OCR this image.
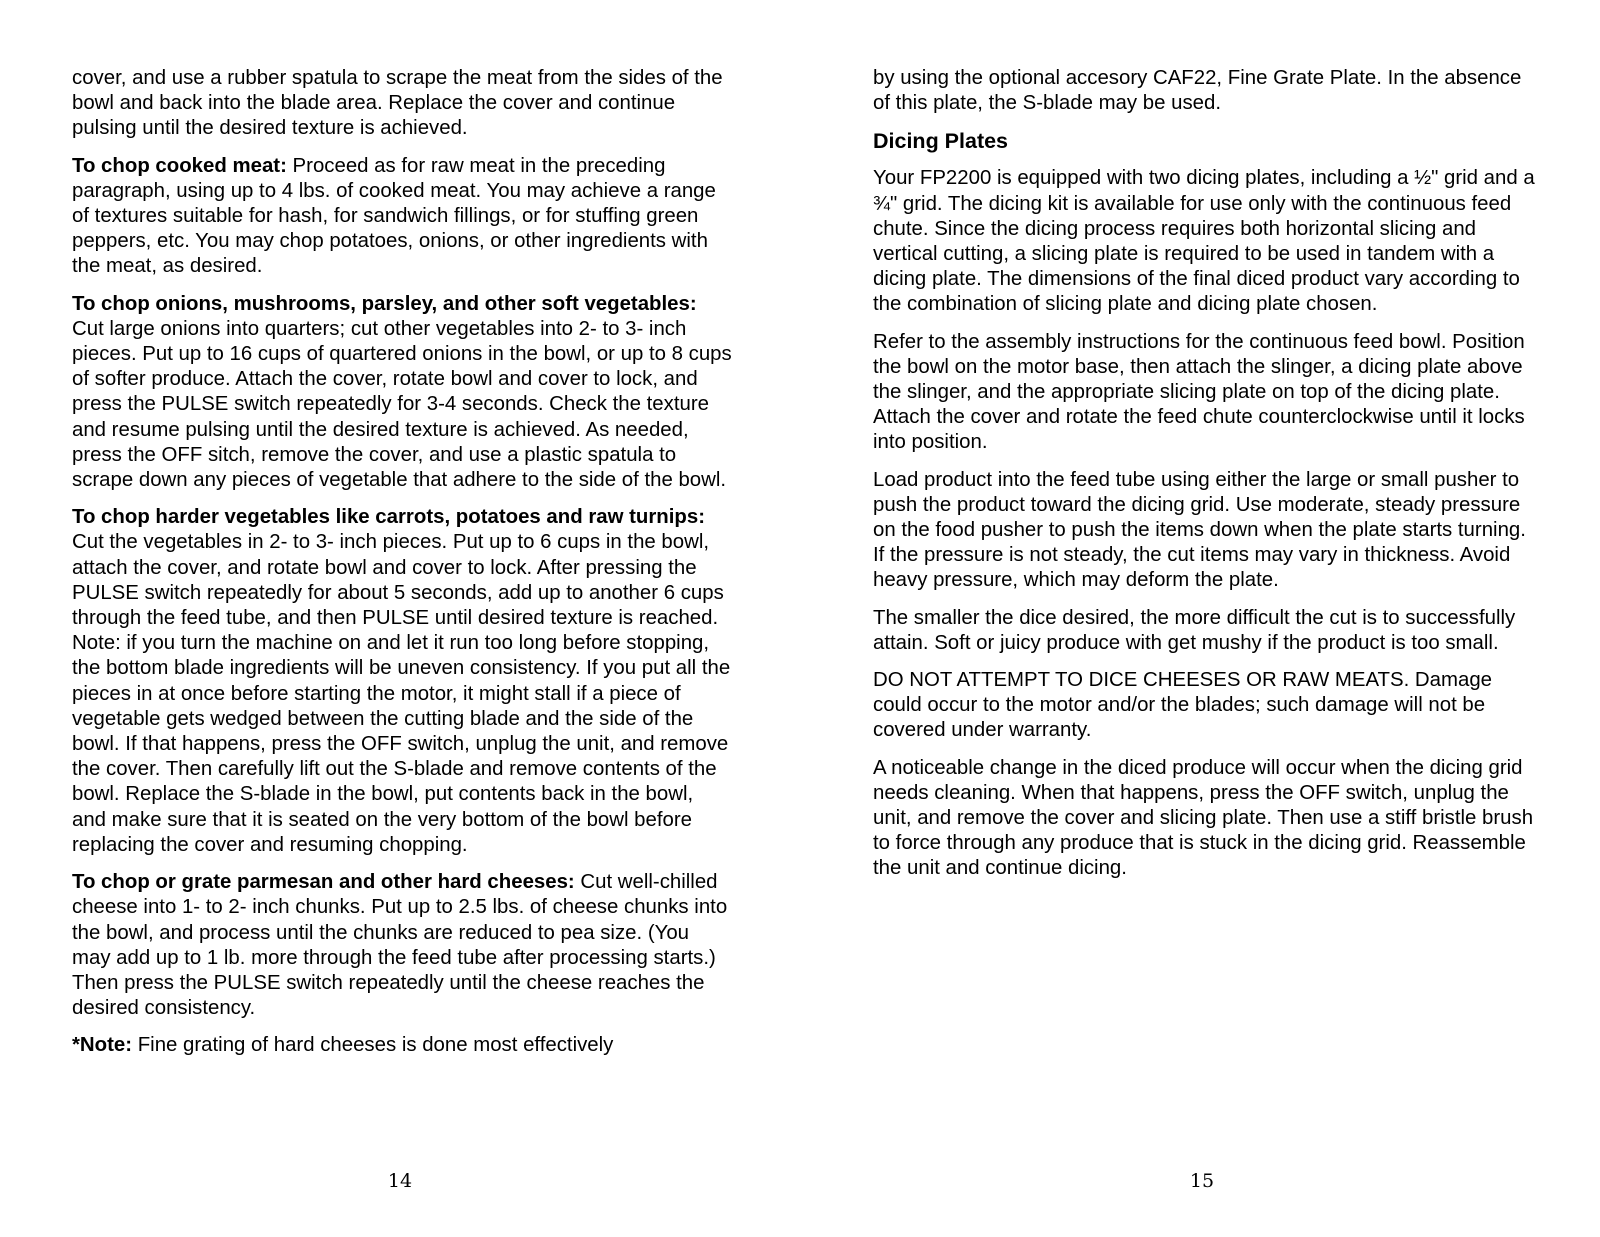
cover, and use a rubber spatula to scrape the meat from the sides of the bowl and back into the blade area. Replace the cover and continue pulsing until the desired texture is achieved.

To chop cooked meat: Proceed as for raw meat in the preceding paragraph, using up to 4 lbs. of cooked meat. You may achieve a range of textures suitable for hash, for sandwich fillings, or for stuffing green peppers, etc. You may chop potatoes, onions, or other ingredients with the meat, as desired.

To chop onions, mushrooms, parsley, and other soft vegetables: Cut large onions into quarters; cut other vegetables into 2- to 3- inch pieces. Put up to 16 cups of quartered onions in the bowl, or up to 8 cups of softer produce. Attach the cover, rotate bowl and cover to lock, and press the PULSE switch repeatedly for 3-4 seconds. Check the texture and resume pulsing until the desired texture is achieved. As needed, press the OFF sitch, remove the cover, and use a plastic spatula to scrape down any pieces of vegetable that adhere to the side of the bowl.

To chop harder vegetables like carrots, potatoes and raw turnips: Cut the vegetables in 2- to 3- inch pieces. Put up to 6 cups in the bowl, attach the cover, and rotate bowl and cover to lock. After pressing the PULSE switch repeatedly for about 5 seconds, add up to another 6 cups through the feed tube, and then PULSE until desired texture is reached. Note: if you turn the machine on and let it run too long before stopping, the bottom blade ingredients will be uneven consistency. If you put all the pieces in at once before starting the motor, it might stall if a piece of vegetable gets wedged between the cutting blade and the side of the bowl. If that happens, press the OFF switch, unplug the unit, and remove the cover. Then carefully lift out the S-blade and remove contents of the bowl. Replace the S-blade in the bowl, put contents back in the bowl, and make sure that it is seated on the very bottom of the bowl before replacing the cover and resuming chopping.

To chop or grate parmesan and other hard cheeses: Cut well-chilled cheese into 1- to 2- inch chunks. Put up to 2.5 lbs. of cheese chunks into the bowl, and process until the chunks are reduced to pea size. (You may add up to 1 lb. more through the feed tube after processing starts.) Then press the PULSE switch repeatedly until the cheese reaches the desired consistency.

*Note: Fine grating of hard cheeses is done most effectively

by using the optional accesory CAF22, Fine Grate Plate. In the absence of this plate, the S-blade may be used.

Dicing Plates

Your FP2200 is equipped with two dicing plates, including a ½" grid and a ¾" grid. The dicing kit is available for use only with the continuous feed chute. Since the dicing process requires both horizontal slicing and vertical cutting, a slicing plate is required to be used in tandem with a dicing plate. The dimensions of the final diced product vary according to the combination of slicing plate and dicing plate chosen.

Refer to the assembly instructions for the continuous feed bowl. Position the bowl on the motor base, then attach the slinger, a dicing plate above the slinger, and the appropriate slicing plate on top of the dicing plate. Attach the cover and rotate the feed chute counterclockwise until it locks into position.

Load product into the feed tube using either the large or small pusher to push the product toward the dicing grid. Use moderate, steady pressure on the food pusher to push the items down when the plate starts turning. If the pressure is not steady, the cut items may vary in thickness. Avoid heavy pressure, which may deform the plate.

The smaller the dice desired, the more difficult the cut is to successfully attain. Soft or juicy produce with get mushy if the product is too small.

DO NOT ATTEMPT TO DICE CHEESES OR RAW MEATS. Damage could occur to the motor and/or the blades; such damage will not be covered under warranty.

A noticeable change in the diced produce will occur when the dicing grid needs cleaning. When that happens, press the OFF switch, unplug the unit, and remove the cover and slicing plate. Then use a stiff bristle brush to force through any produce that is stuck in the dicing grid. Reassemble the unit and continue dicing.

14	15
